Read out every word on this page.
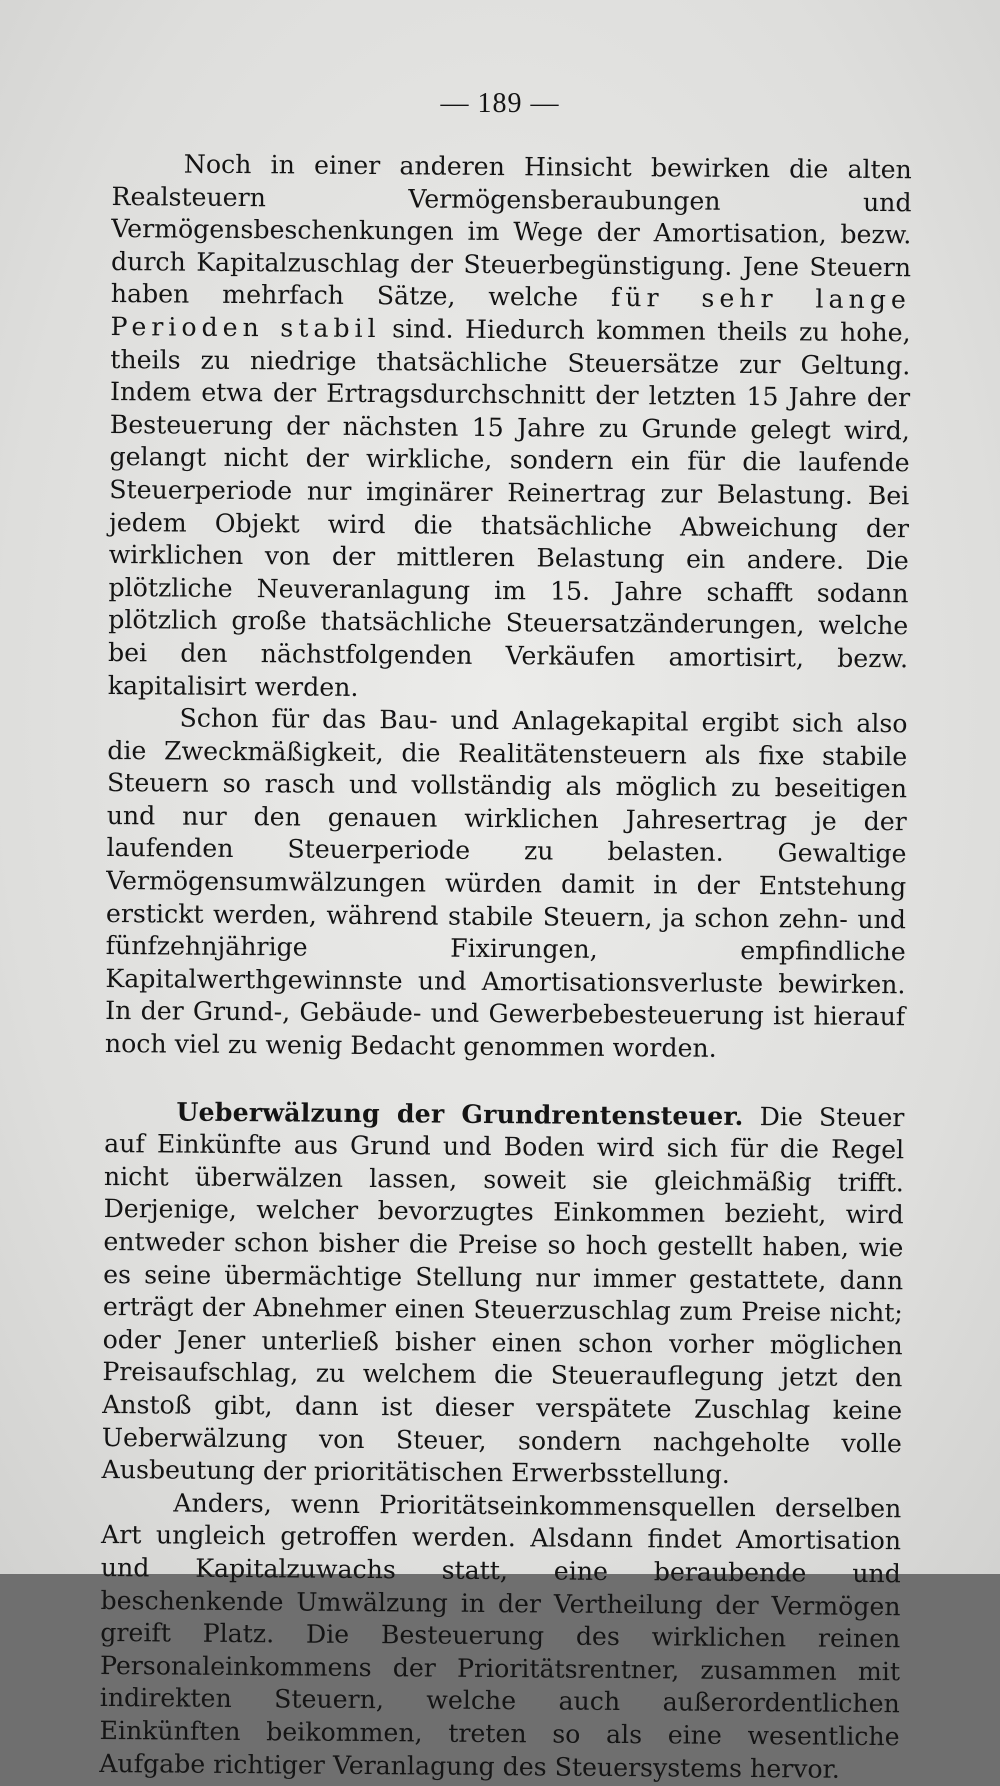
— 189 —

Noch in einer anderen Hinsicht bewirken die alten Realsteuern Vermögensberaubungen und Vermögensbeschenkungen im Wege der Amortisation, bezw. durch Kapitalzuschlag der Steuerbegünstigung. Jene Steuern haben mehrfach Sätze, welche für sehr lange Perioden stabil sind. Hiedurch kommen theils zu hohe, theils zu niedrige thatsächliche Steuersätze zur Geltung. Indem etwa der Ertragsdurchschnitt der letzten 15 Jahre der Besteuerung der nächsten 15 Jahre zu Grunde gelegt wird, gelangt nicht der wirkliche, sondern ein für die laufende Steuerperiode nur imginärer Reinertrag zur Belastung. Bei jedem Objekt wird die thatsächliche Abweichung der wirklichen von der mittleren Belastung ein andere. Die plötzliche Neuveranlagung im 15. Jahre schafft sodann plötzlich große thatsächliche Steuersatzänderungen, welche bei den nächstfolgenden Verkäufen amortisirt, bezw. kapitalisirt werden.

Schon für das Bau- und Anlagekapital ergibt sich also die Zweckmäßigkeit, die Realitätensteuern als fixe stabile Steuern so rasch und vollständig als möglich zu beseitigen und nur den genauen wirklichen Jahresertrag je der laufenden Steuerperiode zu belasten. Gewaltige Vermögensumwälzungen würden damit in der Entstehung erstickt werden, während stabile Steuern, ja schon zehn- und fünfzehnjährige Fixirungen, empfindliche Kapitalwerthgewinnste und Amortisationsverluste bewirken. In der Grund-, Gebäude- und Gewerbebesteuerung ist hierauf noch viel zu wenig Bedacht genommen worden.

Ueberwälzung der Grundrentensteuer. Die Steuer auf Einkünfte aus Grund und Boden wird sich für die Regel nicht überwälzen lassen, soweit sie gleichmäßig trifft. Derjenige, welcher bevorzugtes Einkommen bezieht, wird entweder schon bisher die Preise so hoch gestellt haben, wie es seine übermächtige Stellung nur immer gestattete, dann erträgt der Abnehmer einen Steuerzuschlag zum Preise nicht; oder Jener unterließ bisher einen schon vorher möglichen Preisaufschlag, zu welchem die Steuerauflegung jetzt den Anstoß gibt, dann ist dieser verspätete Zuschlag keine Ueberwälzung von Steuer, sondern nachgeholte volle Ausbeutung der prioritätischen Erwerbsstellung.

Anders, wenn Prioritätseinkommensquellen derselben Art ungleich getroffen werden. Alsdann findet Amortisation und Kapitalzuwachs statt, eine beraubende und beschenkende Umwälzung in der Vertheilung der Vermögen greift Platz. Die Besteuerung des wirklichen reinen Personaleinkommens der Prioritätsrentner, zusammen mit indirekten Steuern, welche auch außerordentlichen Einkünften beikommen, treten so als eine wesentliche Aufgabe richtiger Veranlagung des Steuersystems hervor.
